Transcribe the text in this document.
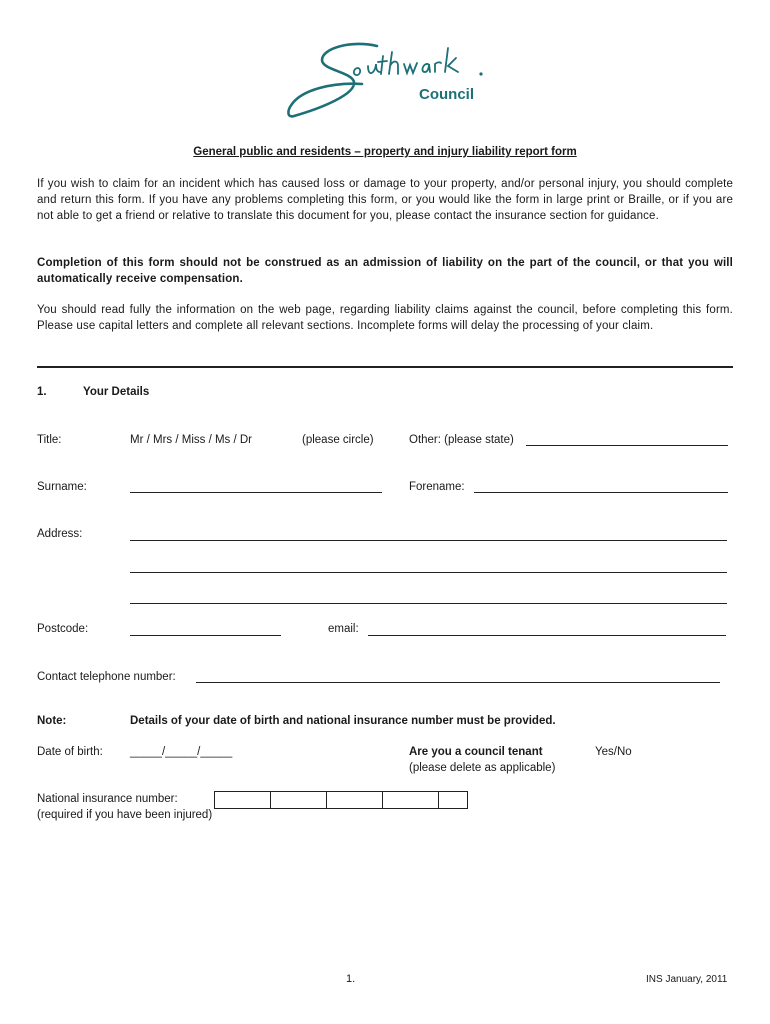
Council
General public and residents – property and injury liability report form
If you wish to claim for an incident which has caused loss or damage to your property, and/or personal injury, you should complete and return this form. If you have any problems completing this form, or you would like the form in large print or Braille, or if you are not able to get a friend or relative to translate this document for you, please contact the insurance section for guidance.
Completion of this form should not be construed as an admission of liability on the part of the council, or that you will automatically receive compensation.
You should read fully the information on the web page, regarding liability claims against the council, before completing this form. Please use capital letters and complete all relevant sections. Incomplete forms will delay the processing of your claim.
1.	Your Details
Title:	Mr / Mrs / Miss / Ms / Dr	(please circle)	Other: (please state)
Surname:	Forename:
Address:
Postcode:	email:
Contact telephone number:
Note:	Details of your date of birth and national insurance number must be provided.
Date of birth: _____/_____/_____	Are you a council tenant	Yes/No
(please delete as applicable)
National insurance number:
(required if you have been injured)
1.	INS January, 2011
